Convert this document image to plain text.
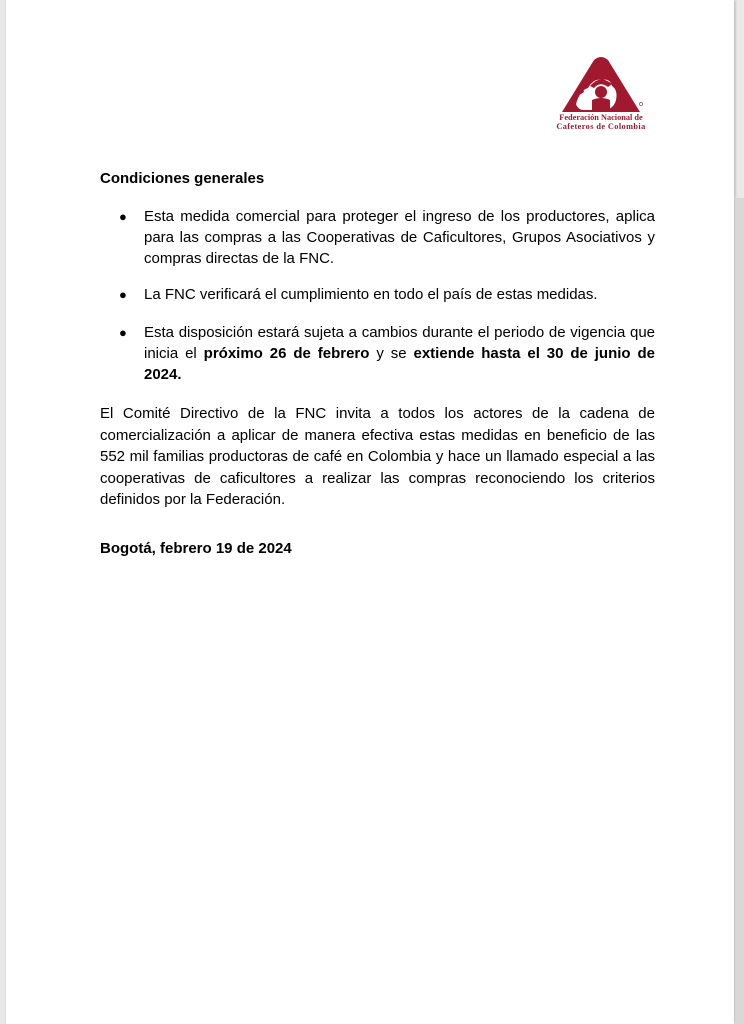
Federación Nacional de
Cafeteros de Colombia
Condiciones generales
● Esta medida comercial para proteger el ingreso de los productores, aplica para las compras a las Cooperativas de Caficultores, Grupos Asociativos y compras directas de la FNC.
● La FNC verificará el cumplimiento en todo el país de estas medidas.
● Esta disposición estará sujeta a cambios durante el periodo de vigencia que inicia el próximo 26 de febrero y se extiende hasta el 30 de junio de 2024.
El Comité Directivo de la FNC invita a todos los actores de la cadena de comercialización a aplicar de manera efectiva estas medidas en beneficio de las 552 mil familias productoras de café en Colombia y hace un llamado especial a las cooperativas de caficultores a realizar las compras reconociendo los criterios definidos por la Federación.
Bogotá, febrero 19 de 2024
